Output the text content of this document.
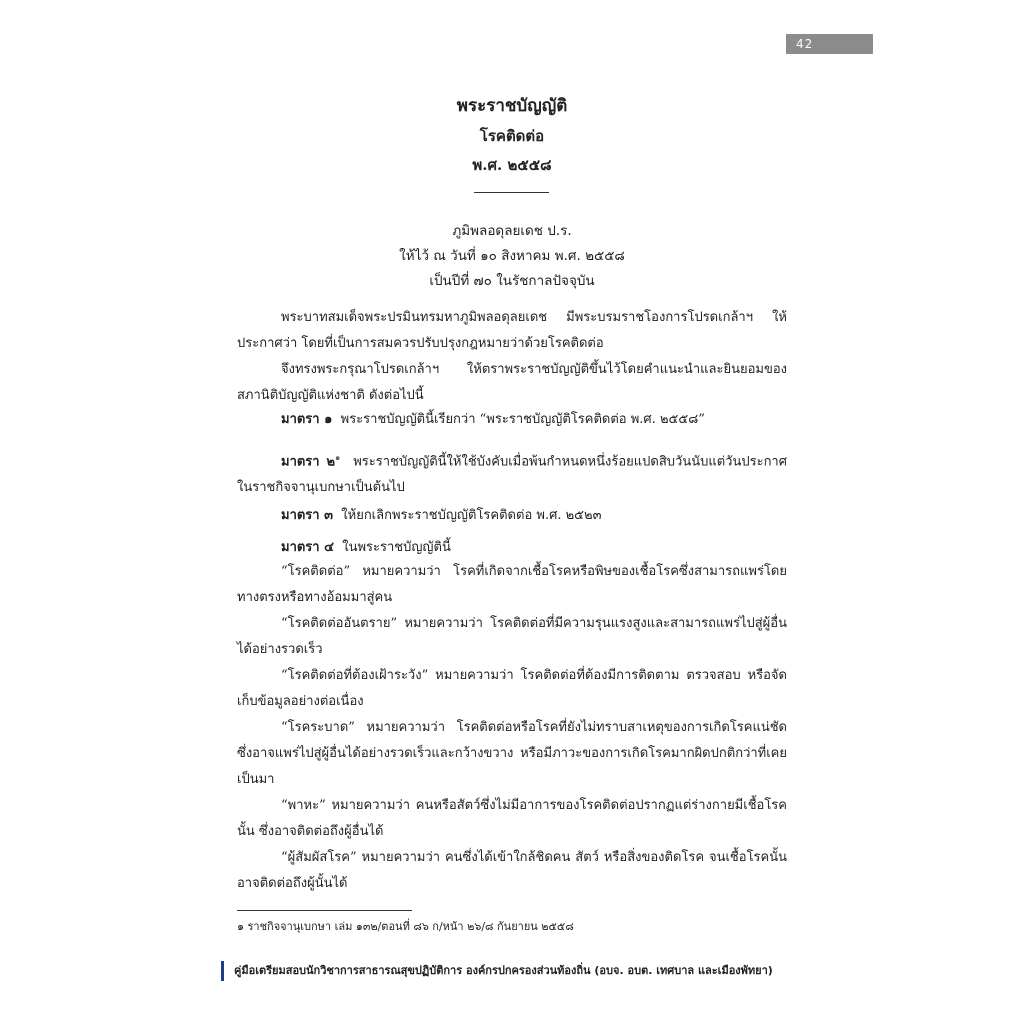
42
พระราชบัญญัติ
โรคติดต่อ
พ.ศ. ๒๕๕๘
ภูมิพลอดุลยเดช ป.ร.
ให้ไว้ ณ วันที่ ๑๐ สิงหาคม พ.ศ. ๒๕๕๘
เป็นปีที่ ๗๐ ในรัชกาลปัจจุบัน

พระบาทสมเด็จพระปรมินทรมหาภูมิพลอดุลยเดช มีพระบรมราชโองการโปรดเกล้าฯ ให้ประกาศว่า โดยที่เป็นการสมควรปรับปรุงกฎหมายว่าด้วยโรคติดต่อ

จึงทรงพระกรุณาโปรดเกล้าฯ ให้ตราพระราชบัญญัติขึ้นไว้โดยคำแนะนำและยินยอมของสภานิติบัญญัติแห่งชาติ ดังต่อไปนี้

มาตรา ๑ พระราชบัญญัตินี้เรียกว่า “พระราชบัญญัติโรคติดต่อ พ.ศ. ๒๕๕๘”

มาตรา ๒$^๑$ พระราชบัญญัตินี้ให้ใช้บังคับเมื่อพ้นกำหนดหนึ่งร้อยแปดสิบวันนับแต่วันประกาศในราชกิจจานุเบกษาเป็นต้นไป

มาตรา ๓ ให้ยกเลิกพระราชบัญญัติโรคติดต่อ พ.ศ. ๒๕๒๓

มาตรา ๔ ในพระราชบัญญัตินี้

“โรคติดต่อ” หมายความว่า โรคที่เกิดจากเชื้อโรคหรือพิษของเชื้อโรคซึ่งสามารถแพร่โดยทางตรงหรือทางอ้อมมาสู่คน

“โรคติดต่ออันตราย” หมายความว่า โรคติดต่อที่มีความรุนแรงสูงและสามารถแพร่ไปสู่ผู้อื่นได้อย่างรวดเร็ว

“โรคติดต่อที่ต้องเฝ้าระวัง” หมายความว่า โรคติดต่อที่ต้องมีการติดตาม ตรวจสอบ หรือจัดเก็บข้อมูลอย่างต่อเนื่อง

“โรคระบาด” หมายความว่า โรคติดต่อหรือโรคที่ยังไม่ทราบสาเหตุของการเกิดโรคแน่ชัด ซึ่งอาจแพร่ไปสู่ผู้อื่นได้อย่างรวดเร็วและกว้างขวาง หรือมีภาวะของการเกิดโรคมากผิดปกติกว่าที่เคยเป็นมา

“พาหะ” หมายความว่า คนหรือสัตว์ซึ่งไม่มีอาการของโรคติดต่อปรากฏแต่ร่างกายมีเชื้อโรคนั้น ซึ่งอาจติดต่อถึงผู้อื่นได้

“ผู้สัมผัสโรค” หมายความว่า คนซึ่งได้เข้าใกล้ชิดคน สัตว์ หรือสิ่งของติดโรค จนเชื้อโรคนั้นอาจติดต่อถึงผู้นั้นได้

๑ ราชกิจจานุเบกษา เล่ม ๑๓๒/ตอนที่ ๘๖ ก/หน้า ๒๖/๘ กันยายน ๒๕๕๘
คู่มือเตรียมสอบนักวิชาการสาธารณสุขปฏิบัติการ องค์กรปกครองส่วนท้องถิ่น (อบจ. อบต. เทศบาล และเมืองพัทยา)
